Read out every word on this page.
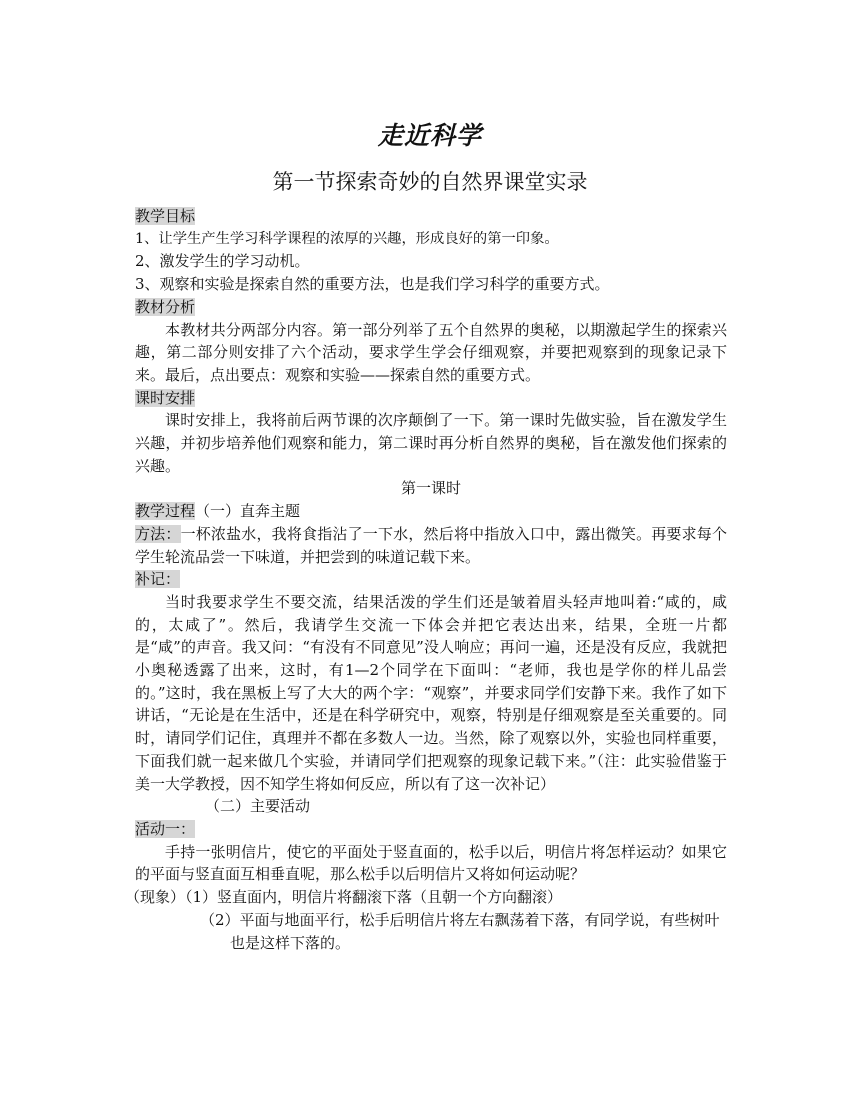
走近科学
第一节探索奇妙的自然界课堂实录

教学目标

1、让学生产生学习科学课程的浓厚的兴趣，形成良好的第一印象。

2、激发学生的学习动机。

3、观察和实验是探索自然的重要方法，也是我们学习科学的重要方式。

教材分析

本教材共分两部分内容。第一部分列举了五个自然界的奥秘，以期激起学生的探索兴趣，第二部分则安排了六个活动，要求学生学会仔细观察，并要把观察到的现象记录下来。最后，点出要点：观察和实验——探索自然的重要方式。

课时安排

课时安排上，我将前后两节课的次序颠倒了一下。第一课时先做实验，旨在激发学生兴趣，并初步培养他们观察和能力，第二课时再分析自然界的奥秘，旨在激发他们探索的兴趣。

第一课时

教学过程（一）直奔主题

方法：一杯浓盐水，我将食指沾了一下水，然后将中指放入口中，露出微笑。再要求每个学生轮流品尝一下味道，并把尝到的味道记载下来。

补记：

当时我要求学生不要交流，结果活泼的学生们还是皱着眉头轻声地叫着:“咸的，咸的，太咸了”。然后，我请学生交流一下体会并把它表达出来，结果，全班一片都是“咸”的声音。我又问：“有没有不同意见”没人响应；再问一遍，还是没有反应，我就把小奥秘透露了出来，这时，有1—2个同学在下面叫：“老师，我也是学你的样儿品尝的。”这时，我在黑板上写了大大的两个字：“观察”，并要求同学们安静下来。我作了如下讲话，“无论是在生活中，还是在科学研究中，观察，特别是仔细观察是至关重要的。同时，请同学们记住，真理并不都在多数人一边。当然，除了观察以外，实验也同样重要，下面我们就一起来做几个实验，并请同学们把观察的现象记载下来。”（注：此实验借鉴于美一大学教授，因不知学生将如何反应，所以有了这一次补记）

（二）主要活动

活动一：

手持一张明信片，使它的平面处于竖直面的，松手以后，明信片将怎样运动？如果它的平面与竖直面互相垂直呢，那么松手以后明信片又将如何运动呢？

（现象）（1）竖直面内，明信片将翻滚下落（且朝一个方向翻滚）

（2）平面与地面平行，松手后明信片将左右飘荡着下落，有同学说，有些树叶也是这样下落的。
